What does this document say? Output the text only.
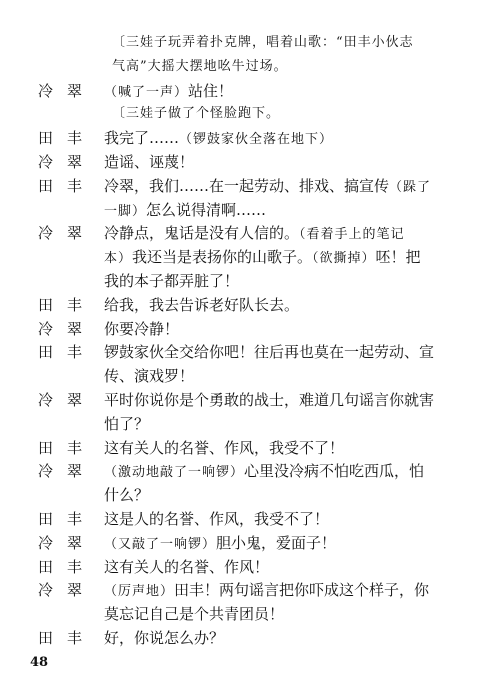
〔三娃子玩弄着扑克牌，唱着山歌：“田丰小伙志
气高”大摇大摆地吆牛过场。
冷翠 （喊了一声）站住！
〔三娃子做了个怪脸跑下。
田丰 我完了……（锣鼓家伙全落在地下）
冷翠 造谣、诬蔑！
田丰 冷翠，我们……在一起劳动、排戏、搞宣传（跺了
一脚）怎么说得清啊……
冷翠 冷静点，鬼话是没有人信的。（看着手上的笔记
本）我还当是表扬你的山歌子。（欲撕掉）呸！把
我的本子都弄脏了！
田丰 给我，我去告诉老好队长去。
冷翠 你要冷静！
田丰 锣鼓家伙全交给你吧！往后再也莫在一起劳动、宣
传、演戏罗！
冷翠 平时你说你是个勇敢的战士，难道几句谣言你就害
怕了？
田丰 这有关人的名誉、作风，我受不了！
冷翠 （激动地敲了一响锣）心里没冷病不怕吃西瓜，怕
什么？
田丰 这是人的名誉、作风，我受不了！
冷翠 （又敲了一响锣）胆小鬼，爱面子！
田丰 这有关人的名誉、作风！
冷翠 （厉声地）田丰！两句谣言把你吓成这个样子，你
莫忘记自己是个共青团员！
田丰 好，你说怎么办？
48
